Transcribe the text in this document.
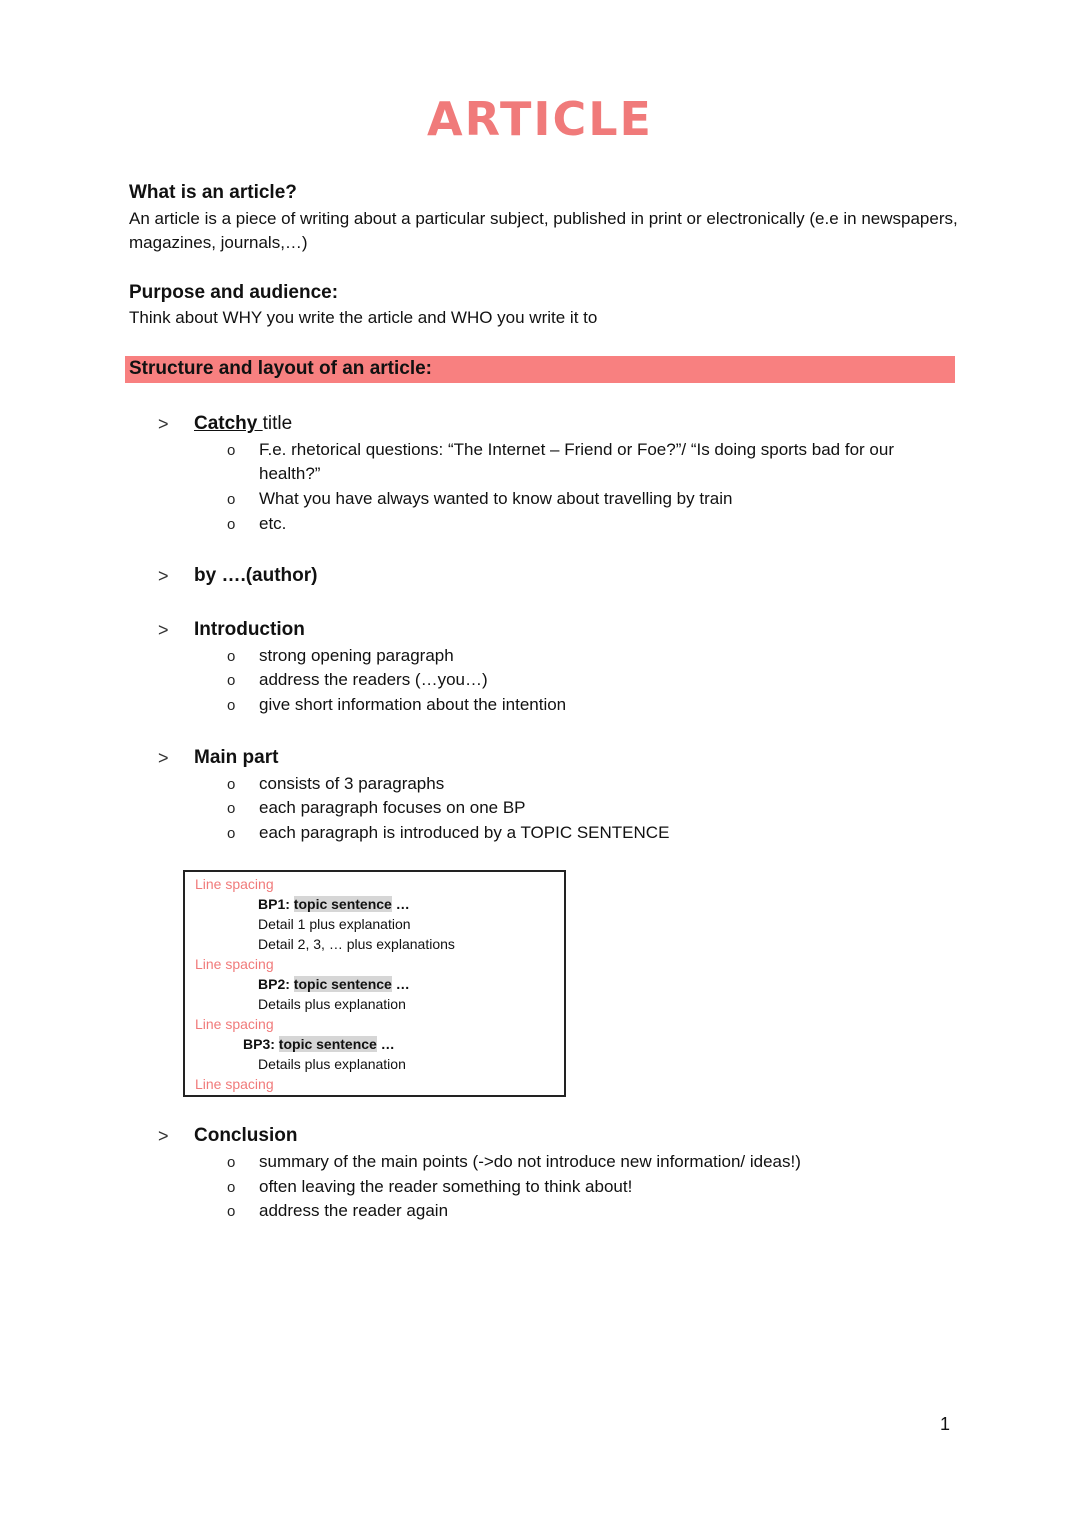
ARTICLE
What is an article?
An article is a piece of writing about a particular subject, published in print or electronically (e.e in newspapers, magazines, journals,…)
Purpose and audience:
Think about WHY you write the article and WHO you write it to
Structure and layout of an article:
> Catchy title
o F.e. rhetorical questions: “The Internet – Friend or Foe?”/ “Is doing sports bad for our health?”
o What you have always wanted to know about travelling by train
o etc.
> by ….(author)
> Introduction
o strong opening paragraph
o address the readers (…you…)
o give short information about the intention
> Main part
o consists of 3 paragraphs
o each paragraph focuses on one BP
o each paragraph is introduced by a TOPIC SENTENCE
Line spacing
BP1: topic sentence …
Detail 1 plus explanation
Detail 2, 3, … plus explanations
Line spacing
BP2: topic sentence …
Details plus explanation
Line spacing
BP3: topic sentence …
Details plus explanation
Line spacing
> Conclusion
o summary of the main points (->do not introduce new information/ ideas!)
o often leaving the reader something to think about!
o address the reader again
1
